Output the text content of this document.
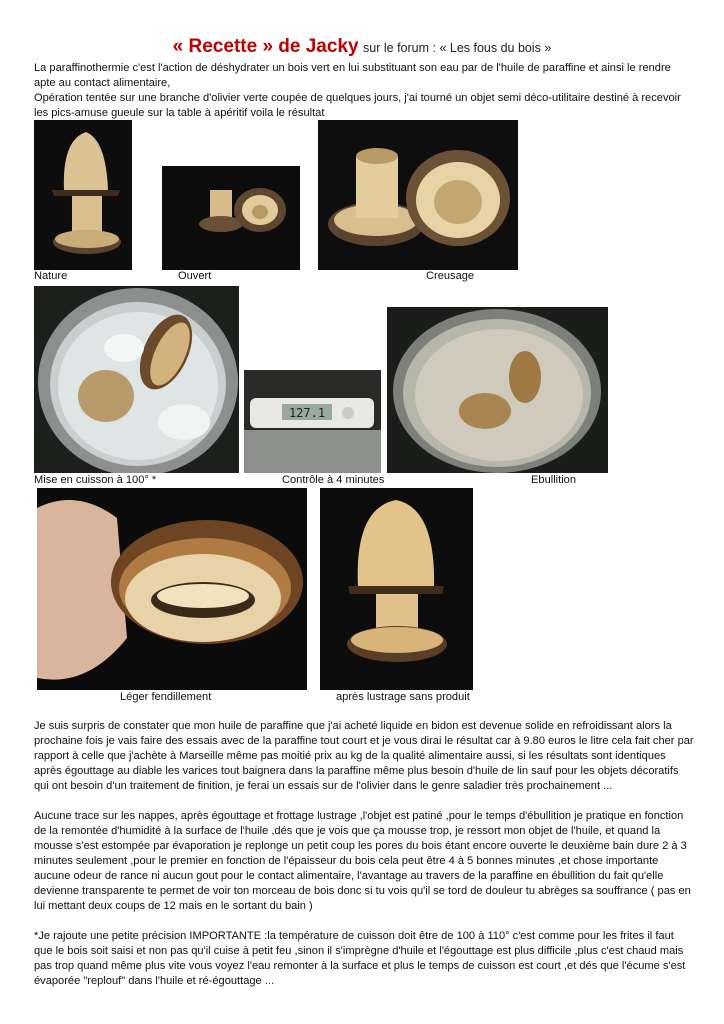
« Recette » de Jacky sur le forum : « Les fous du bois »

La paraffinothermie c'est l'action de déshydrater un bois vert en lui substituant son eau par de l'huile de paraffine et ainsi le rendre apte au contact alimentaire,

Opération tentée sur une branche d'olivier verte coupée de quelques jours, j'ai tourné un objet semi déco-utilitaire destiné à recevoir les pics-amuse gueule sur la table à apéritif voila le résultat

Nature	Ouvert	Creusage
127.1
Mise en cuisson à 100° *	Contrôle à 4 minutes	Ebullition
Léger fendillement	après lustrage sans produit

Je suis surpris de constater que mon huile de paraffine que j'ai acheté liquide en bidon est devenue solide en refroidissant alors la prochaine fois je vais faire des essais avec de la paraffine tout court et je vous dirai le résultat car à 9.80 euros le litre cela fait cher par rapport à celle que j'achète à Marseille même pas moitié prix au kg de la qualité alimentaire aussi, si les résultats sont identiques après égouttage au diable les varices tout baignera dans la paraffine même plus besoin d'huile de lin sauf pour les objets décoratifs qui ont besoin d'un traitement de finition, je ferai un essais sur de l'olivier dans le genre saladier très prochainement ...

Aucune trace sur les nappes, après égouttage et frottage lustrage ,l'objet est patiné ,pour le temps d'ébullition je pratique en fonction de la remontée d'humidité à la surface de l'huile ,dés que je vois que ça mousse trop, je ressort mon objet de l'huile, et quand la mousse s'est estompée par évaporation je replonge un petit coup les pores du bois étant encore ouverte le deuxième bain dure 2 à 3 minutes seulement ,pour le premier en fonction de l'épaisseur du bois cela peut être 4 à 5 bonnes minutes ,et chose importante aucune odeur de rance ni aucun gout pour le contact alimentaire, l'avantage au travers de la paraffine en ébullition du fait qu'elle devienne transparente te permet de voir ton morceau de bois donc si tu vois qu'il se tord de douleur tu abrèges sa souffrance ( pas en lui mettant deux coups de 12 mais en le sortant du bain )

*Je rajoute une petite précision IMPORTANTE :la température de cuisson doit être de 100 à 110° c'est comme pour les frites il faut que le bois soit saisi et non pas qu'il cuise à petit feu ,sinon il s'imprègne d'huile et l'égouttage est plus difficile ,plus c'est chaud mais pas trop quand même plus vite vous voyez l'eau remonter à la surface et plus le temps de cuisson est court ,et dés que l'écume s'est évaporée "replouf" dans l'huile et ré-égouttage ...
